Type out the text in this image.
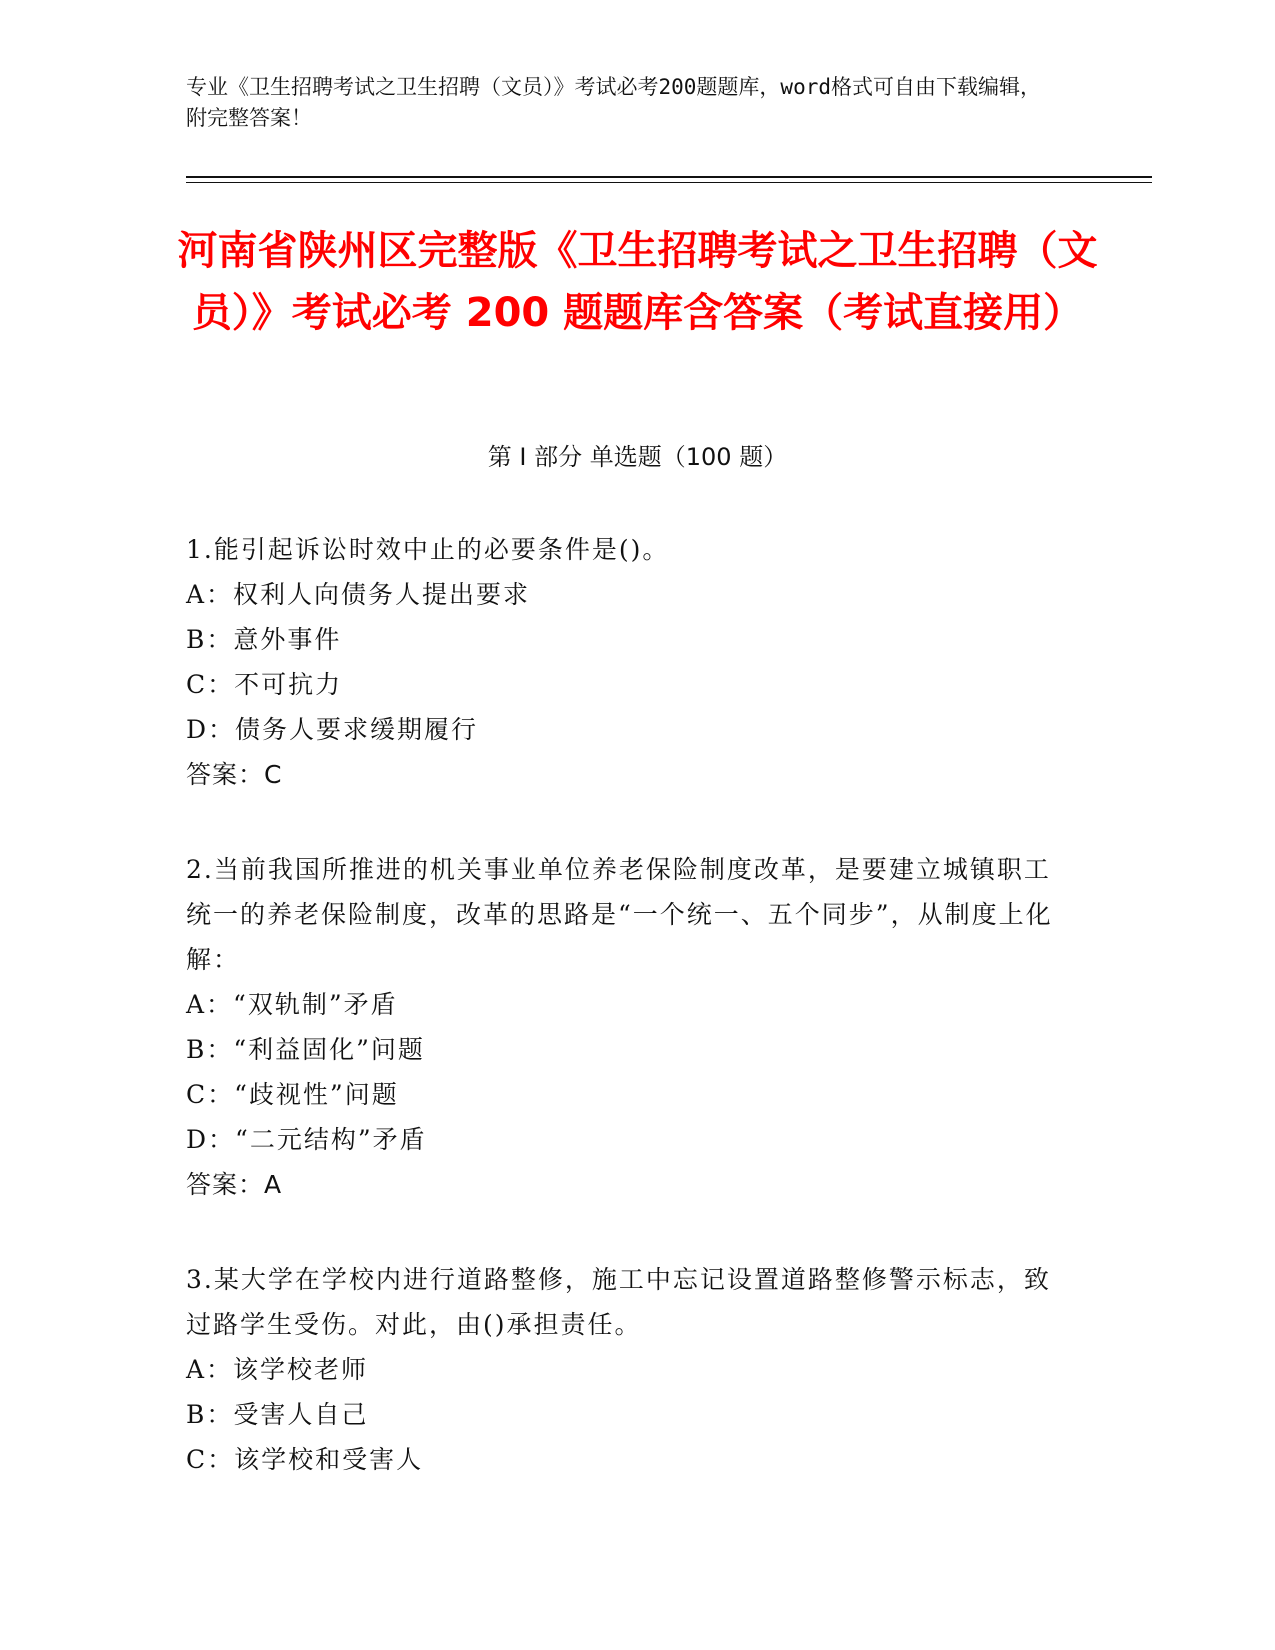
专业《卫生招聘考试之卫生招聘（文员）》考试必考200题题库，word格式可自由下载编辑，附完整答案！
河南省陕州区完整版《卫生招聘考试之卫生招聘（文员）》考试必考 200 题题库含答案（考试直接用）
第 I 部分 单选题（100 题）
1.能引起诉讼时效中止的必要条件是()。
A：权利人向债务人提出要求
B：意外事件
C：不可抗力
D：债务人要求缓期履行
答案：C
2.当前我国所推进的机关事业单位养老保险制度改革，是要建立城镇职工统一的养老保险制度，改革的思路是“一个统一、五个同步”，从制度上化解：
A：“双轨制”矛盾
B：“利益固化”问题
C：“歧视性”问题
D：“二元结构”矛盾
答案：A
3.某大学在学校内进行道路整修，施工中忘记设置道路整修警示标志，致过路学生受伤。对此，由()承担责任。
A：该学校老师
B：受害人自己
C：该学校和受害人
